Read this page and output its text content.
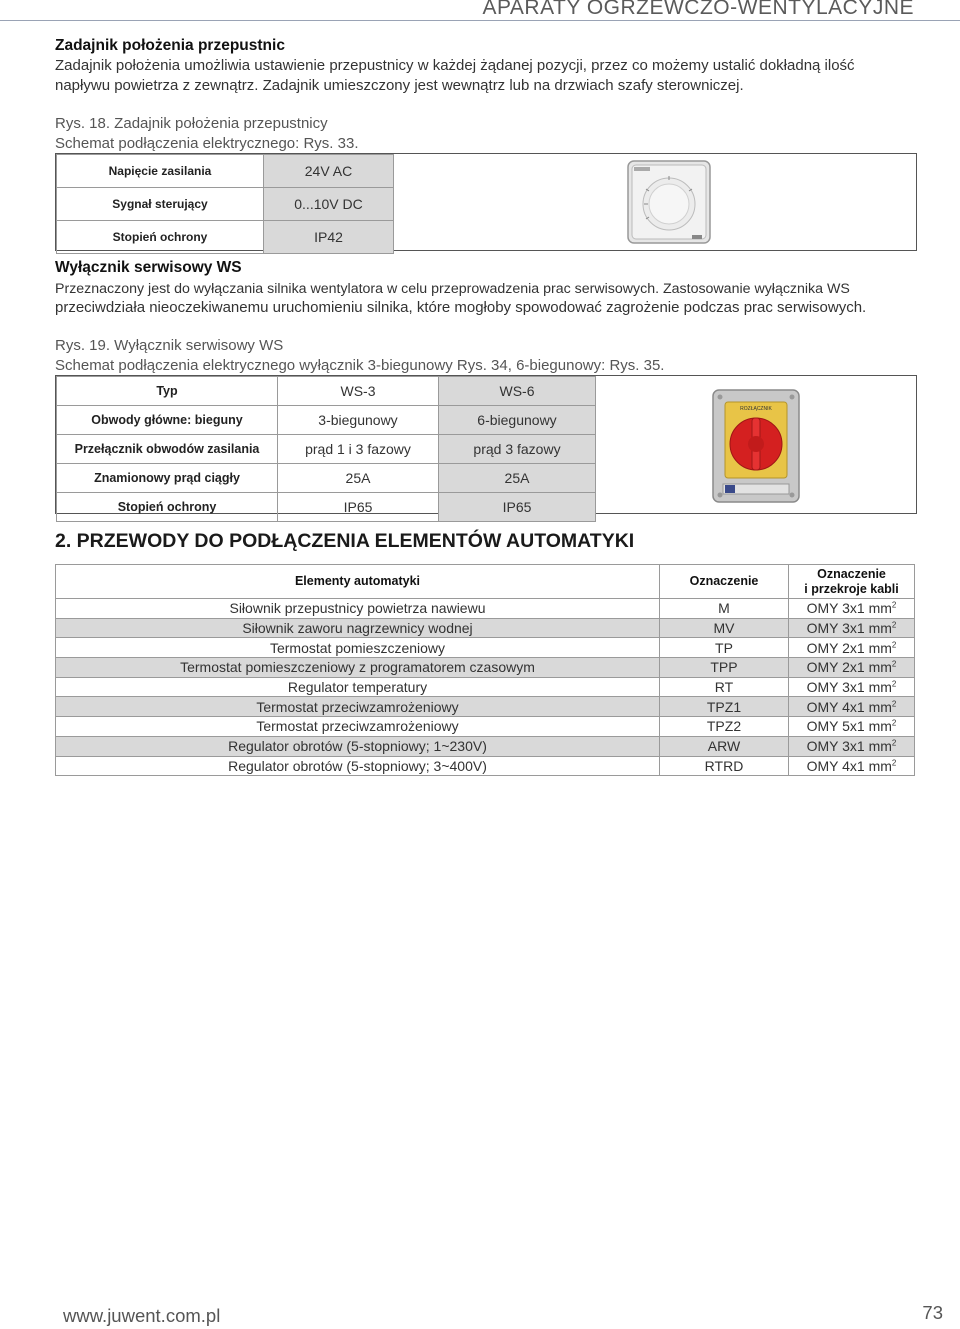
APARATY OGRZEWCZO-WENTYLACYJNE
Zadajnik położenia przepustnic
Zadajnik położenia umożliwia ustawienie przepustnicy w każdej żądanej pozycji, przez co możemy ustalić dokładną ilość
napływu powietrza z zewnątrz. Zadajnik umieszczony jest wewnątrz lub na drzwiach szafy sterowniczej.
Rys. 18. Zadajnik położenia przepustnicy
Schemat podłączenia elektrycznego: Rys. 33.
Napięcie zasilania	24V AC
Sygnał sterujący	0...10V DC
Stopień ochrony	IP42
Wyłącznik serwisowy WS
Przeznaczony jest do wyłączania silnika wentylatora w celu przeprowadzenia prac serwisowych. Zastosowanie wyłącznika WS
przeciwdziała nieoczekiwanemu uruchomieniu silnika, które mogłoby spowodować zagrożenie podczas prac serwisowych.
Rys. 19. Wyłącznik serwisowy WS
Schemat podłączenia elektrycznego wyłącznik 3-biegunowy Rys. 34, 6-biegunowy: Rys. 35.
Typ	WS-3	WS-6
Obwody główne: bieguny	3-biegunowy	6-biegunowy
Przełącznik obwodów zasilania	prąd 1 i 3 fazowy	prąd 3 fazowy
Znamionowy prąd ciągły	25A	25A
Stopień ochrony	IP65	IP65
ROZŁĄCZNIK
2. PRZEWODY DO PODŁĄCZENIA ELEMENTÓW AUTOMATYKI
Elementy automatyki	Oznaczenie	Oznaczenie
i przekroje kabli
Siłownik przepustnicy powietrza nawiewu	M	OMY 3x1 $mm^2$
Siłownik zaworu nagrzewnicy wodnej	MV	OMY 3x1 $mm^2$
Termostat pomieszczeniowy	TP	OMY 2x1 $mm^2$
Termostat pomieszczeniowy z programatorem czasowym	TPP	OMY 2x1 $mm^2$
Regulator temperatury	RT	OMY 3x1 $mm^2$
Termostat przeciwzamrożeniowy	TPZ1	OMY 4x1 $mm^2$
Termostat przeciwzamrożeniowy	TPZ2	OMY 5x1 $mm^2$
Regulator obrotów (5-stopniowy; 1~230V)	ARW	OMY 3x1 $mm^2$
Regulator obrotów (5-stopniowy; 3~400V)	RTRD	OMY 4x1 $mm^2$
www.juwent.com.pl	73
